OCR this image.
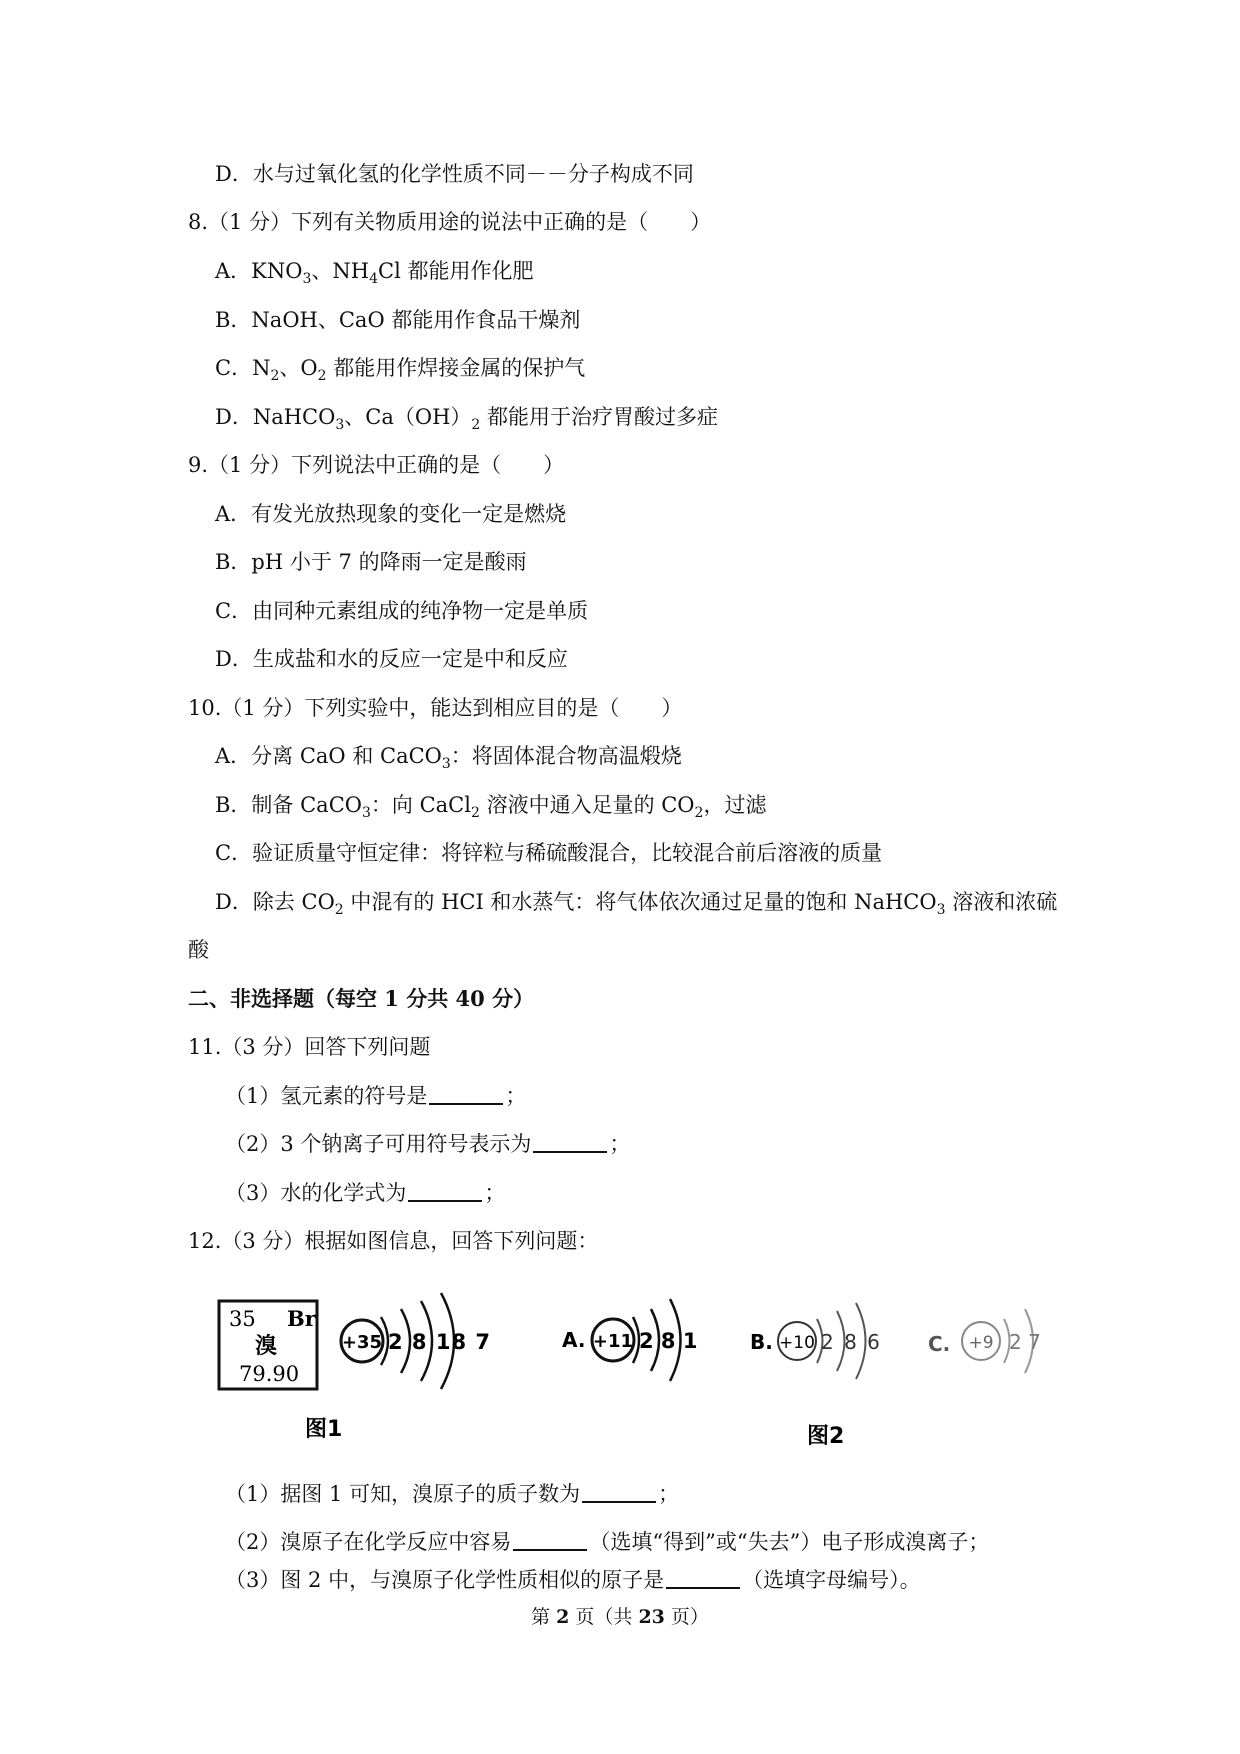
D．水与过氧化氢的化学性质不同－－分子构成不同
8.（1 分）下列有关物质用途的说法中正确的是（　　）
A．$KNO_3$、$NH_4Cl$ 都能用作化肥
B．NaOH、CaO 都能用作食品干燥剂
C．$N_2$、$O_2$ 都能用作焊接金属的保护气
D．NaHCO$_3$、$Ca(OH)_2$ 都能用于治疗胃酸过多症
9.（1 分）下列说法中正确的是（　　）
A．有发光放热现象的变化一定是燃烧
B．pH 小于 7 的降雨一定是酸雨
C．由同种元素组成的纯净物一定是单质
D．生成盐和水的反应一定是中和反应
10.（1 分）下列实验中，能达到相应目的是（　　）
A．分离 CaO 和 CaCO$_3$：将固体混合物高温煅烧
B．制备 CaCO$_3$：向 CaCl$_2$ 溶液中通入足量的 $CO_2$，过滤
C．验证质量守恒定律：将锌粒与稀硫酸混合，比较混合前后溶液的质量
D．除去 $CO_2$ 中混有的 HCI 和水蒸气：将气体依次通过足量的饱和 NaHCO$_3$ 溶液和浓硫
酸
二、非选择题（每空 1 分共 40 分）
11.（3 分）回答下列问题
（1）氢元素的符号是	；
（2）3 个钠离子可用符号表示为	；
（3）水的化学式为	；
12.（3 分）根据如图信息，回答下列问题：
35 Br
溴
79.90
+35 2 8 18 7
图1
A. +11 2 8 1	B. +10 2 8 6 C. +9 2 7
图2
（1）据图 1 可知，溴原子的质子数为	；
（2）溴原子在化学反应中容易	（选填“得到”或“失去”）电子形成溴离子；
（3）图 2 中，与溴原子化学性质相似的原子是	（选填字母编号）。
第 2 页（共 23 页）
